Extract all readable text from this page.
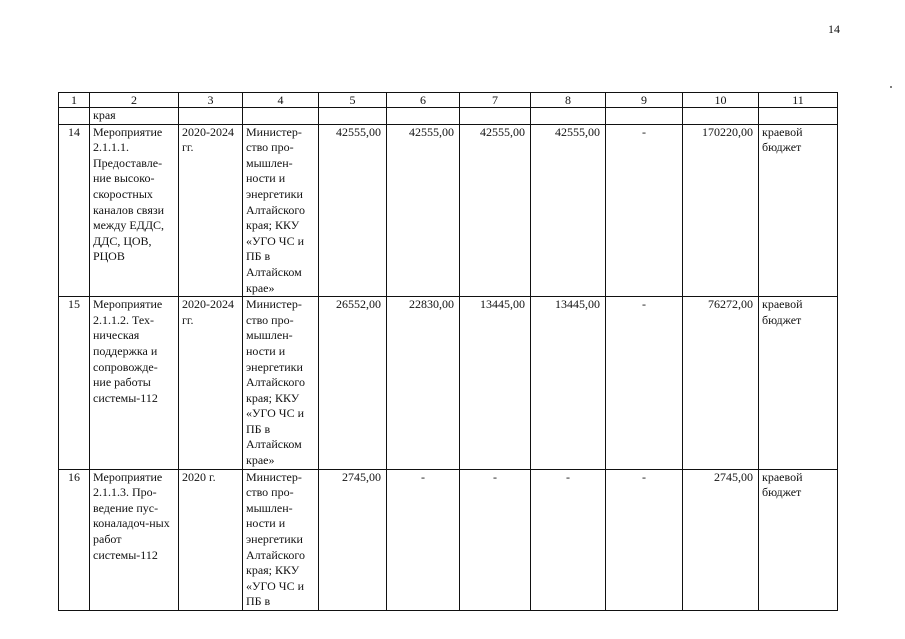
14
1	2	3	4	5	6	7	8	9	10	11
	края									
14	Мероприятие 2.1.1.1. Предоставле-ние высоко-скоростных каналов связи между ЕДДС, ДДС, ЦОВ, РЦОВ	2020-2024 гг.	Министер-ство про-мышлен-ности и энергетики Алтайского края; ККУ «УГО ЧС и ПБ в Алтайском крае»	42555,00	42555,00	42555,00	42555,00	-	170220,00	краевой бюджет
15	Мероприятие 2.1.1.2. Тех-ническая поддержка и сопровожде-ние работы системы-112	2020-2024 гг.	Министер-ство про-мышлен-ности и энергетики Алтайского края; ККУ «УГО ЧС и ПБ в Алтайском крае»	26552,00	22830,00	13445,00	13445,00	-	76272,00	краевой бюджет
16	Мероприятие 2.1.1.3. Про-ведение пус-коналадоч-ных работ системы-112	2020 г.	Министер-ство про-мышлен-ности и энергетики Алтайского края; ККУ «УГО ЧС и ПБ в	2745,00	-	-	-	-	2745,00	краевой бюджет
